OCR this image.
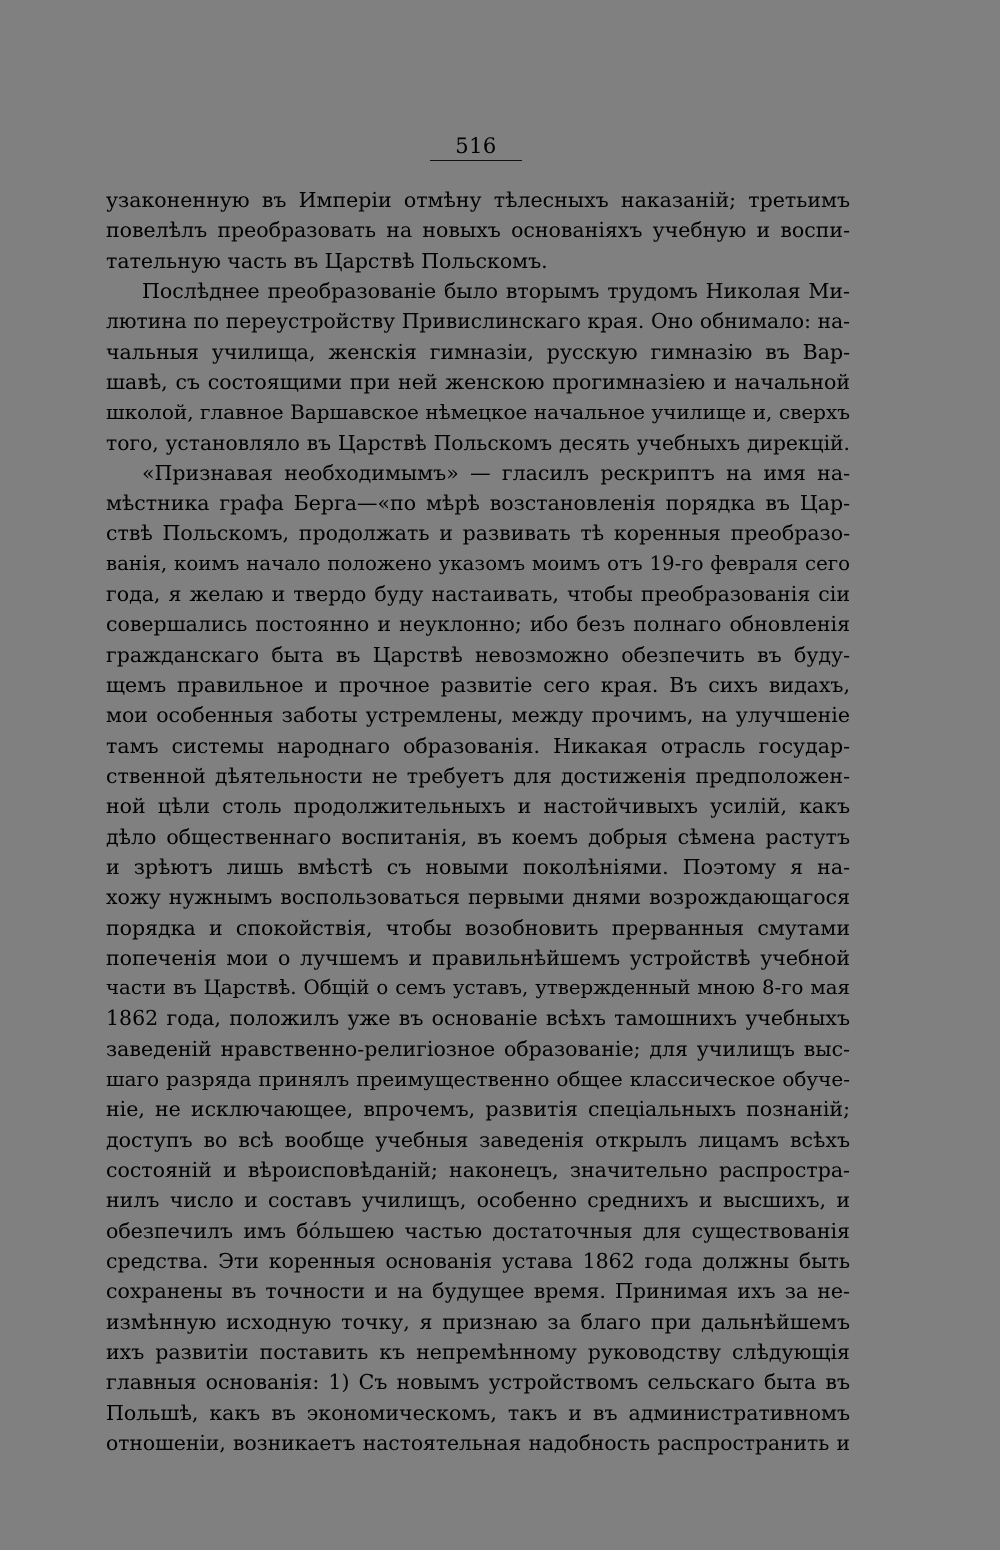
516
узаконенную въ Имперіи отмѣну тѣлесныхъ наказаній; третьимъ
повелѣлъ преобразовать на новыхъ основаніяхъ учебную и воспи-
тательную часть въ Царствѣ Польскомъ.
Послѣднее преобразованіе было вторымъ трудомъ Николая Ми-
лютина по переустройству Привислинскаго края. Оно обнимало: на-
чальныя училища, женскія гимназіи, русскую гимназію въ Вар-
шавѣ, съ состоящими при ней женскою прогимназіею и начальной
школой, главное Варшавское нѣмецкое начальное училище и, сверхъ
того, установляло въ Царствѣ Польскомъ десять учебныхъ дирекцій.
«Признавая необходимымъ» — гласилъ рескриптъ на имя на-
мѣстника графа Берга—«по мѣрѣ возстановленія порядка въ Цар-
ствѣ Польскомъ, продолжать и развивать тѣ коренныя преобразо-
ванія, коимъ начало положено указомъ моимъ отъ 19-го февраля сего
года, я желаю и твердо буду настаивать, чтобы преобразованія сіи
совершались постоянно и неуклонно; ибо безъ полнаго обновленія
гражданскаго быта въ Царствѣ невозможно обезпечить въ буду-
щемъ правильное и прочное развитіе сего края. Въ сихъ видахъ,
мои особенныя заботы устремлены, между прочимъ, на улучшеніе
тамъ системы народнаго образованія. Никакая отрасль государ-
ственной дѣятельности не требуетъ для достиженія предположен-
ной цѣли столь продолжительныхъ и настойчивыхъ усилій, какъ
дѣло общественнаго воспитанія, въ коемъ добрыя сѣмена растутъ
и зрѣютъ лишь вмѣстѣ съ новыми поколѣніями. Поэтому я на-
хожу нужнымъ воспользоваться первыми днями возрождающагося
порядка и спокойствія, чтобы возобновить прерванныя смутами
попеченія мои о лучшемъ и правильнѣйшемъ устройствѣ учебной
части въ Царствѣ. Общій о семъ уставъ, утвержденный мною 8-го мая
1862 года, положилъ уже въ основаніе всѣхъ тамошнихъ учебныхъ
заведеній нравственно-религіозное образованіе; для училищъ выс-
шаго разряда принялъ преимущественно общее классическое обуче-
ніе, не исключающее, впрочемъ, развитія спеціальныхъ познаній;
доступъ во всѣ вообще учебныя заведенія открылъ лицамъ всѣхъ
состояній и вѣроисповѣданій; наконецъ, значительно распростра-
нилъ число и составъ училищъ, особенно среднихъ и высшихъ, и
обезпечилъ имъ бóльшею частью достаточныя для существованія
средства. Эти коренныя основанія устава 1862 года должны быть
сохранены въ точности и на будущее время. Принимая ихъ за не-
измѣнную исходную точку, я признаю за благо при дальнѣйшемъ
ихъ развитіи поставить къ непремѣнному руководству слѣдующія
главныя основанія: 1) Съ новымъ устройствомъ сельскаго быта въ
Польшѣ, какъ въ экономическомъ, такъ и въ административномъ
отношеніи, возникаетъ настоятельная надобность распространить и
